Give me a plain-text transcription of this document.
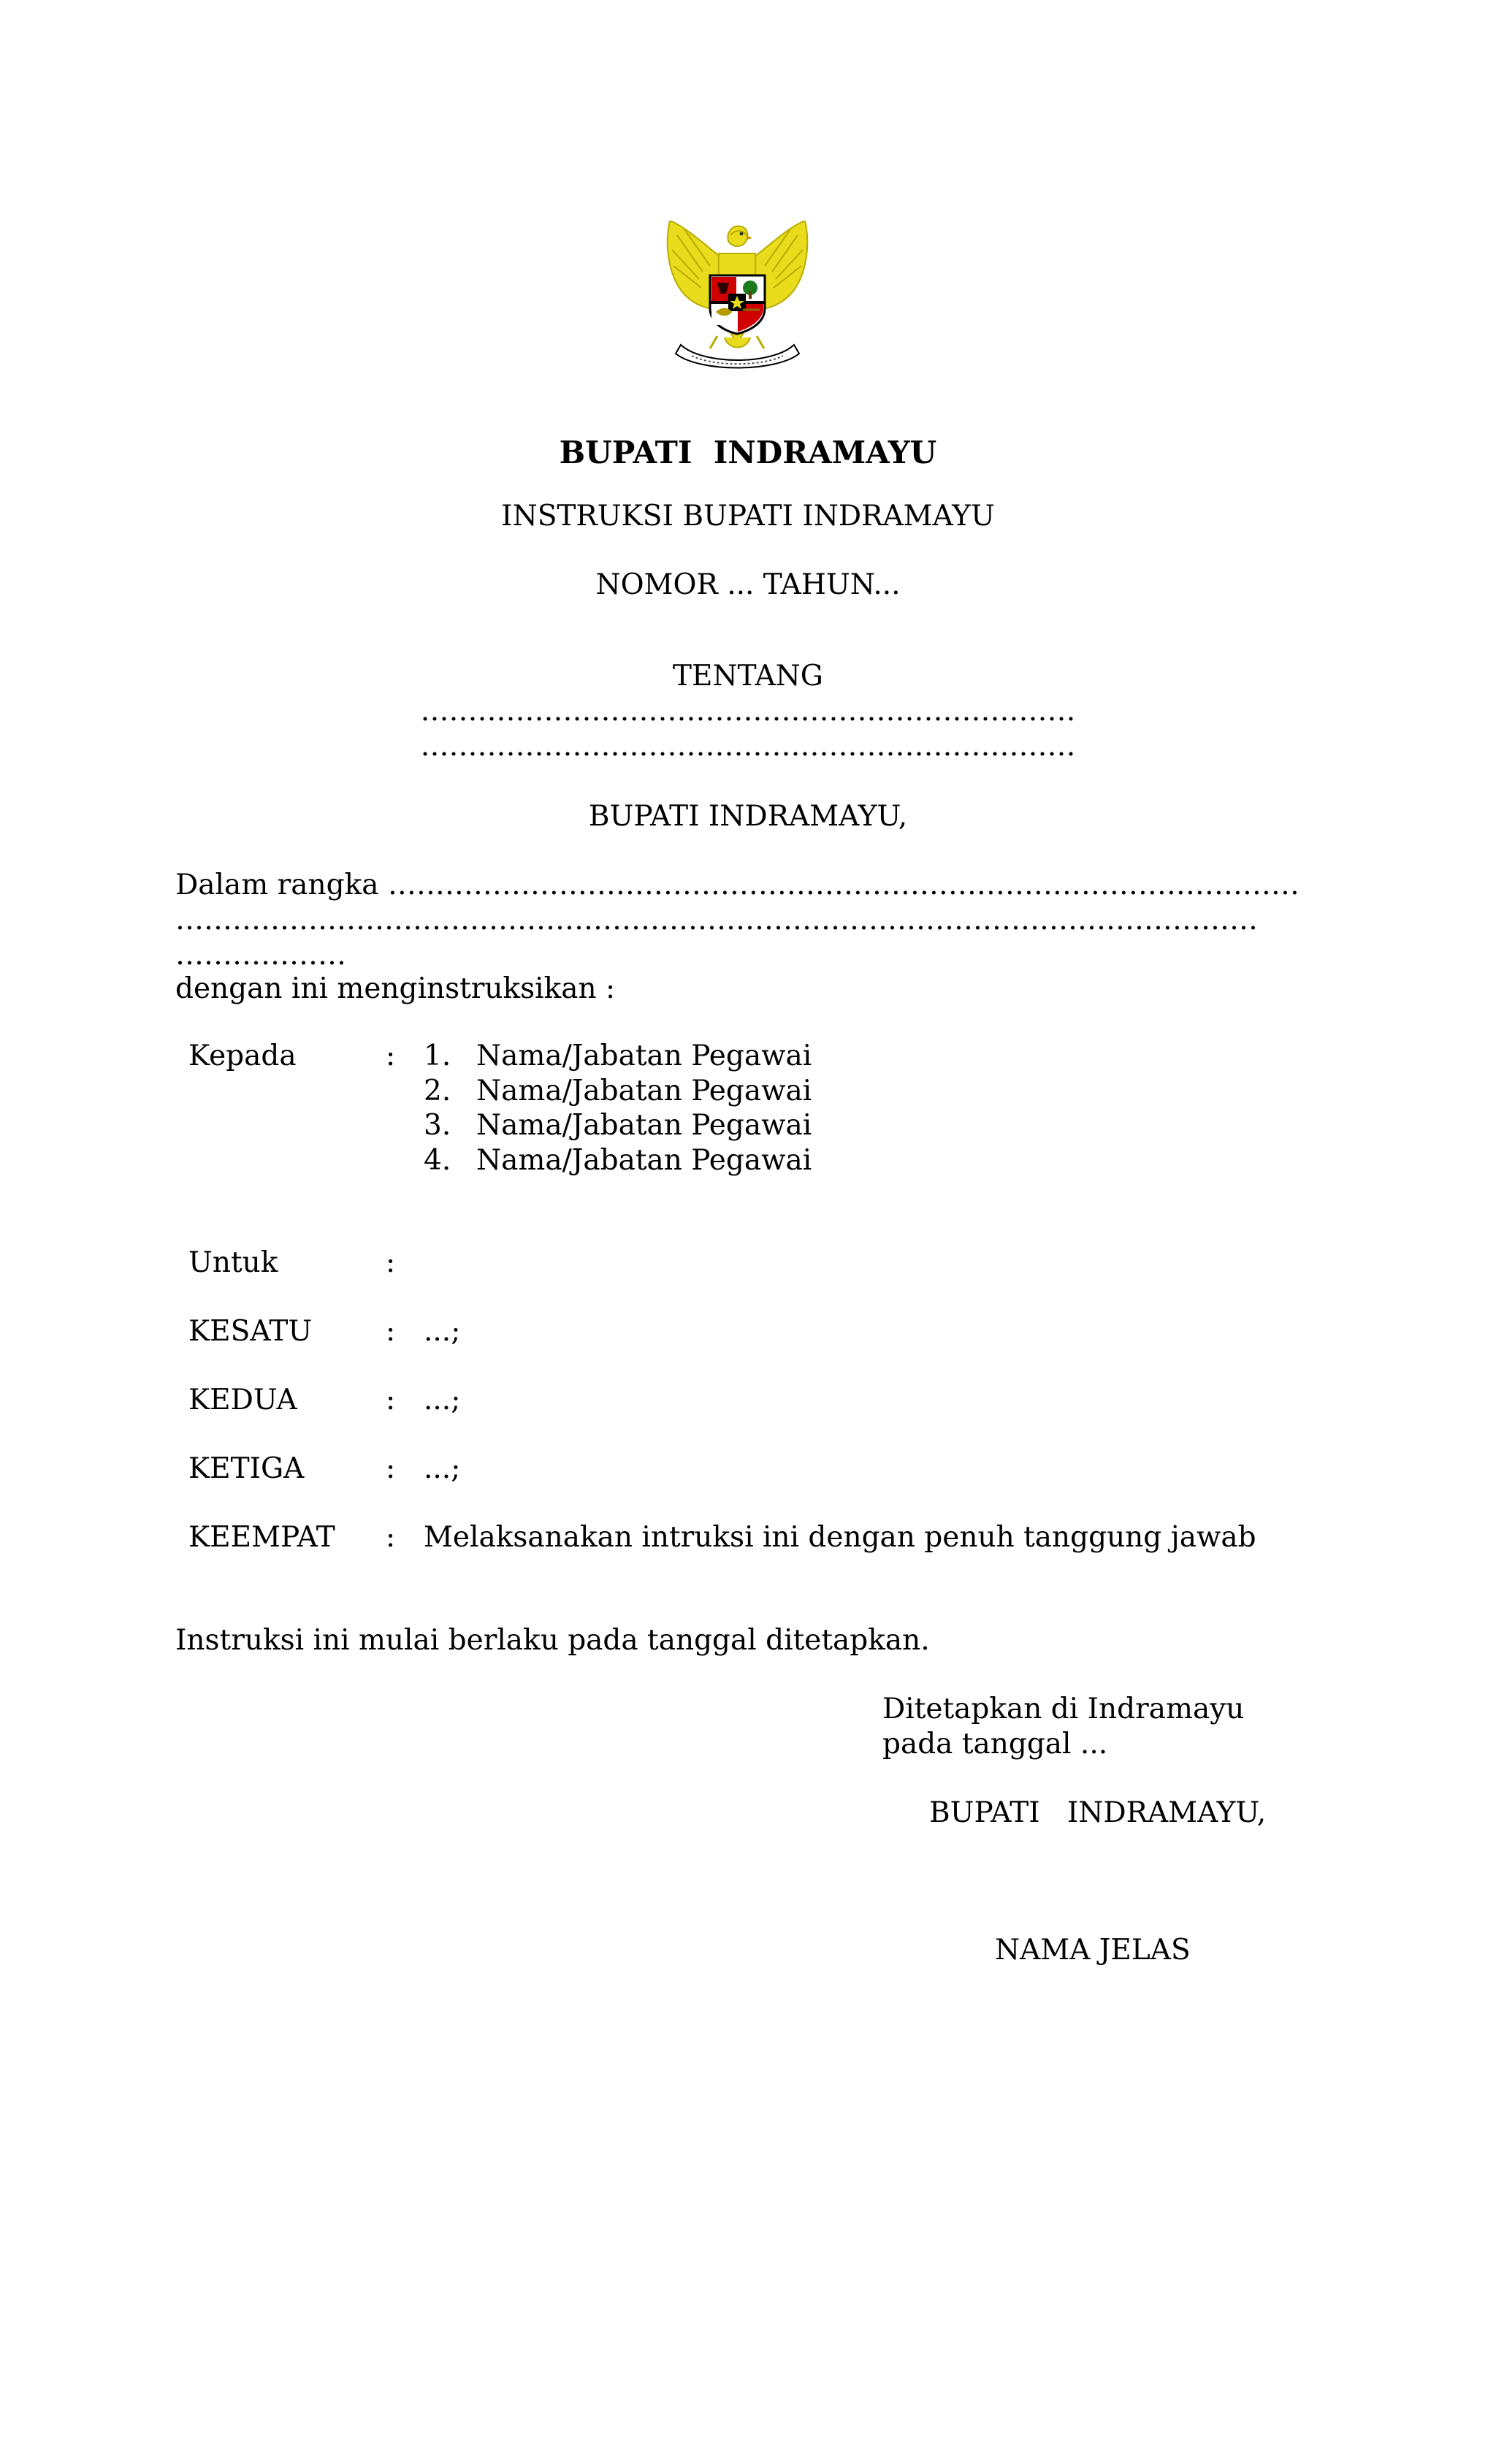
BUPATI  INDRAMAYU
INSTRUKSI BUPATI INDRAMAYU
NOMOR ... TAHUN...
TENTANG
……………………………………………………………
……………………………………………………………
BUPATI INDRAMAYU,
Dalam rangka ……………………………………………………………………………………
……………………………………………………………………………………………………
………………
dengan ini menginstruksikan :
Kepada	: 1. Nama/Jabatan Pegawai
2. Nama/Jabatan Pegawai
3. Nama/Jabatan Pegawai
4. Nama/Jabatan Pegawai
Untuk	:
KESATU	: ...;
KEDUA	: ...;
KETIGA	: ...;
KEEMPAT : Melaksanakan intruksi ini dengan penuh tanggung jawab
Instruksi ini mulai berlaku pada tanggal ditetapkan.
Ditetapkan di Indramayu
pada tanggal ...
BUPATI   INDRAMAYU,
NAMA JELAS
